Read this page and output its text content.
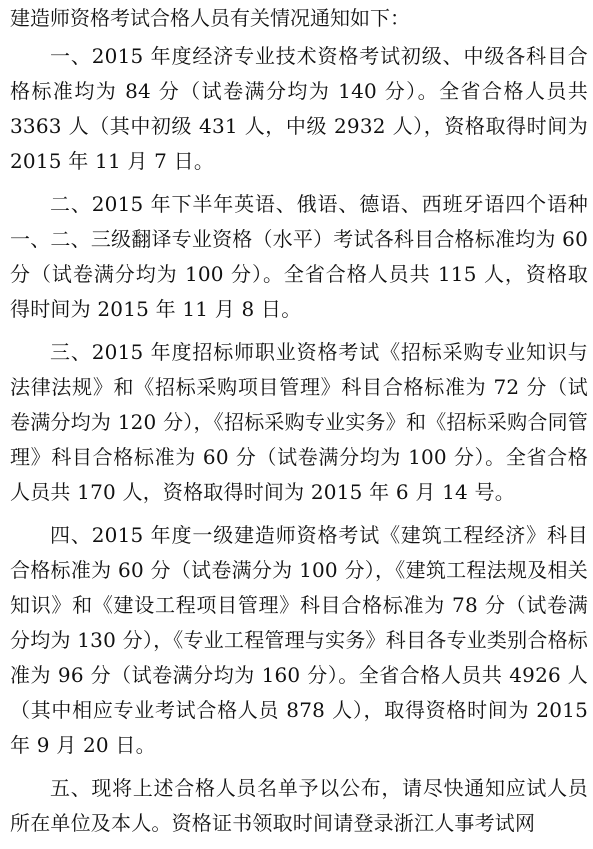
建造师资格考试合格人员有关情况通知如下：

一、2015 年度经济专业技术资格考试初级、中级各科目合格标准均为 84 分（试卷满分均为 140 分）。全省合格人员共 3363 人（其中初级 431 人，中级 2932 人），资格取得时间为 2015 年 11 月 7 日。

二、2015 年下半年英语、俄语、德语、西班牙语四个语种一、二、三级翻译专业资格（水平）考试各科目合格标准均为 60 分（试卷满分均为 100 分）。全省合格人员共 115 人，资格取得时间为 2015 年 11 月 8 日。

三、2015 年度招标师职业资格考试《招标采购专业知识与法律法规》和《招标采购项目管理》科目合格标准为 72 分（试卷满分均为 120 分），《招标采购专业实务》和《招标采购合同管理》科目合格标准为 60 分（试卷满分均为 100 分）。全省合格人员共 170 人，资格取得时间为 2015 年 6 月 14 号。

四、2015 年度一级建造师资格考试《建筑工程经济》科目合格标准为 60 分（试卷满分为 100 分），《建筑工程法规及相关知识》和《建设工程项目管理》科目合格标准为 78 分（试卷满分均为 130 分），《专业工程管理与实务》科目各专业类别合格标准为 96 分（试卷满分均为 160 分）。全省合格人员共 4926 人（其中相应专业考试合格人员 878 人），取得资格时间为 2015 年 9 月 20 日。

五、现将上述合格人员名单予以公布，请尽快通知应试人员所在单位及本人。资格证书领取时间请登录浙江人事考试网
